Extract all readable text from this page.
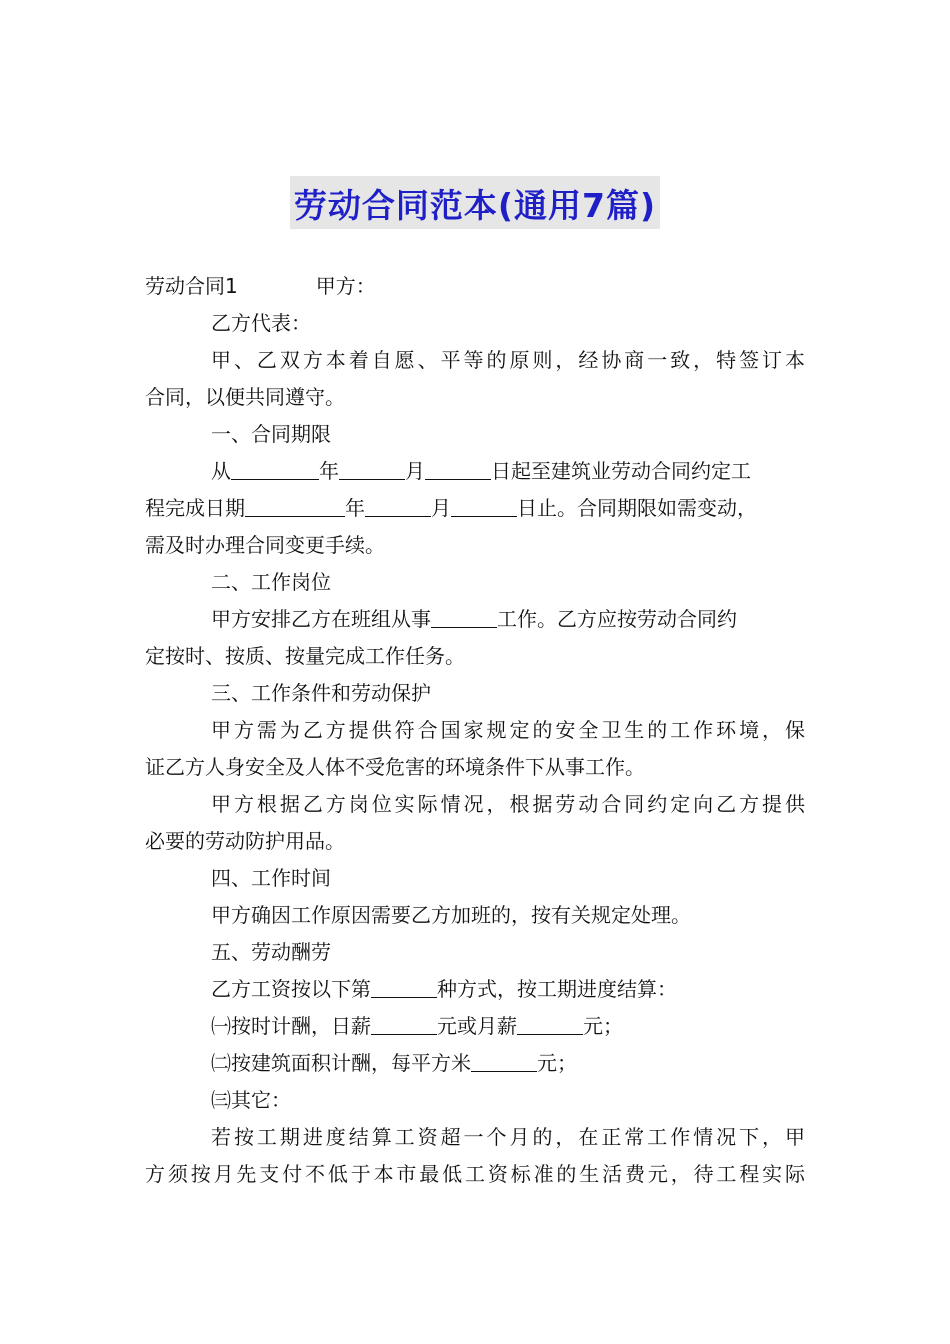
劳动合同范本(通用7篇)
劳动合同1	甲方：
乙方代表：
甲、乙双方本着自愿、平等的原则，经协商一致，特签订本
合同，以便共同遵守。
一、合同期限
从	年	月	日起至建筑业劳动合同约定工
程完成日期	年	月	日止。合同期限如需变动，
需及时办理合同变更手续。
二、工作岗位
甲方安排乙方在班组从事	工作。乙方应按劳动合同约
定按时、按质、按量完成工作任务。
三、工作条件和劳动保护
甲方需为乙方提供符合国家规定的安全卫生的工作环境，保
证乙方人身安全及人体不受危害的环境条件下从事工作。
甲方根据乙方岗位实际情况，根据劳动合同约定向乙方提供
必要的劳动防护用品。
四、工作时间
甲方确因工作原因需要乙方加班的，按有关规定处理。
五、劳动酬劳
乙方工资按以下第	种方式，按工期进度结算：
㈠按时计酬，日薪	元或月薪	元；
㈡按建筑面积计酬，每平方米	元；
㈢其它：
若按工期进度结算工资超一个月的，在正常工作情况下，甲
方须按月先支付不低于本市最低工资标准的生活费元，待工程实际
